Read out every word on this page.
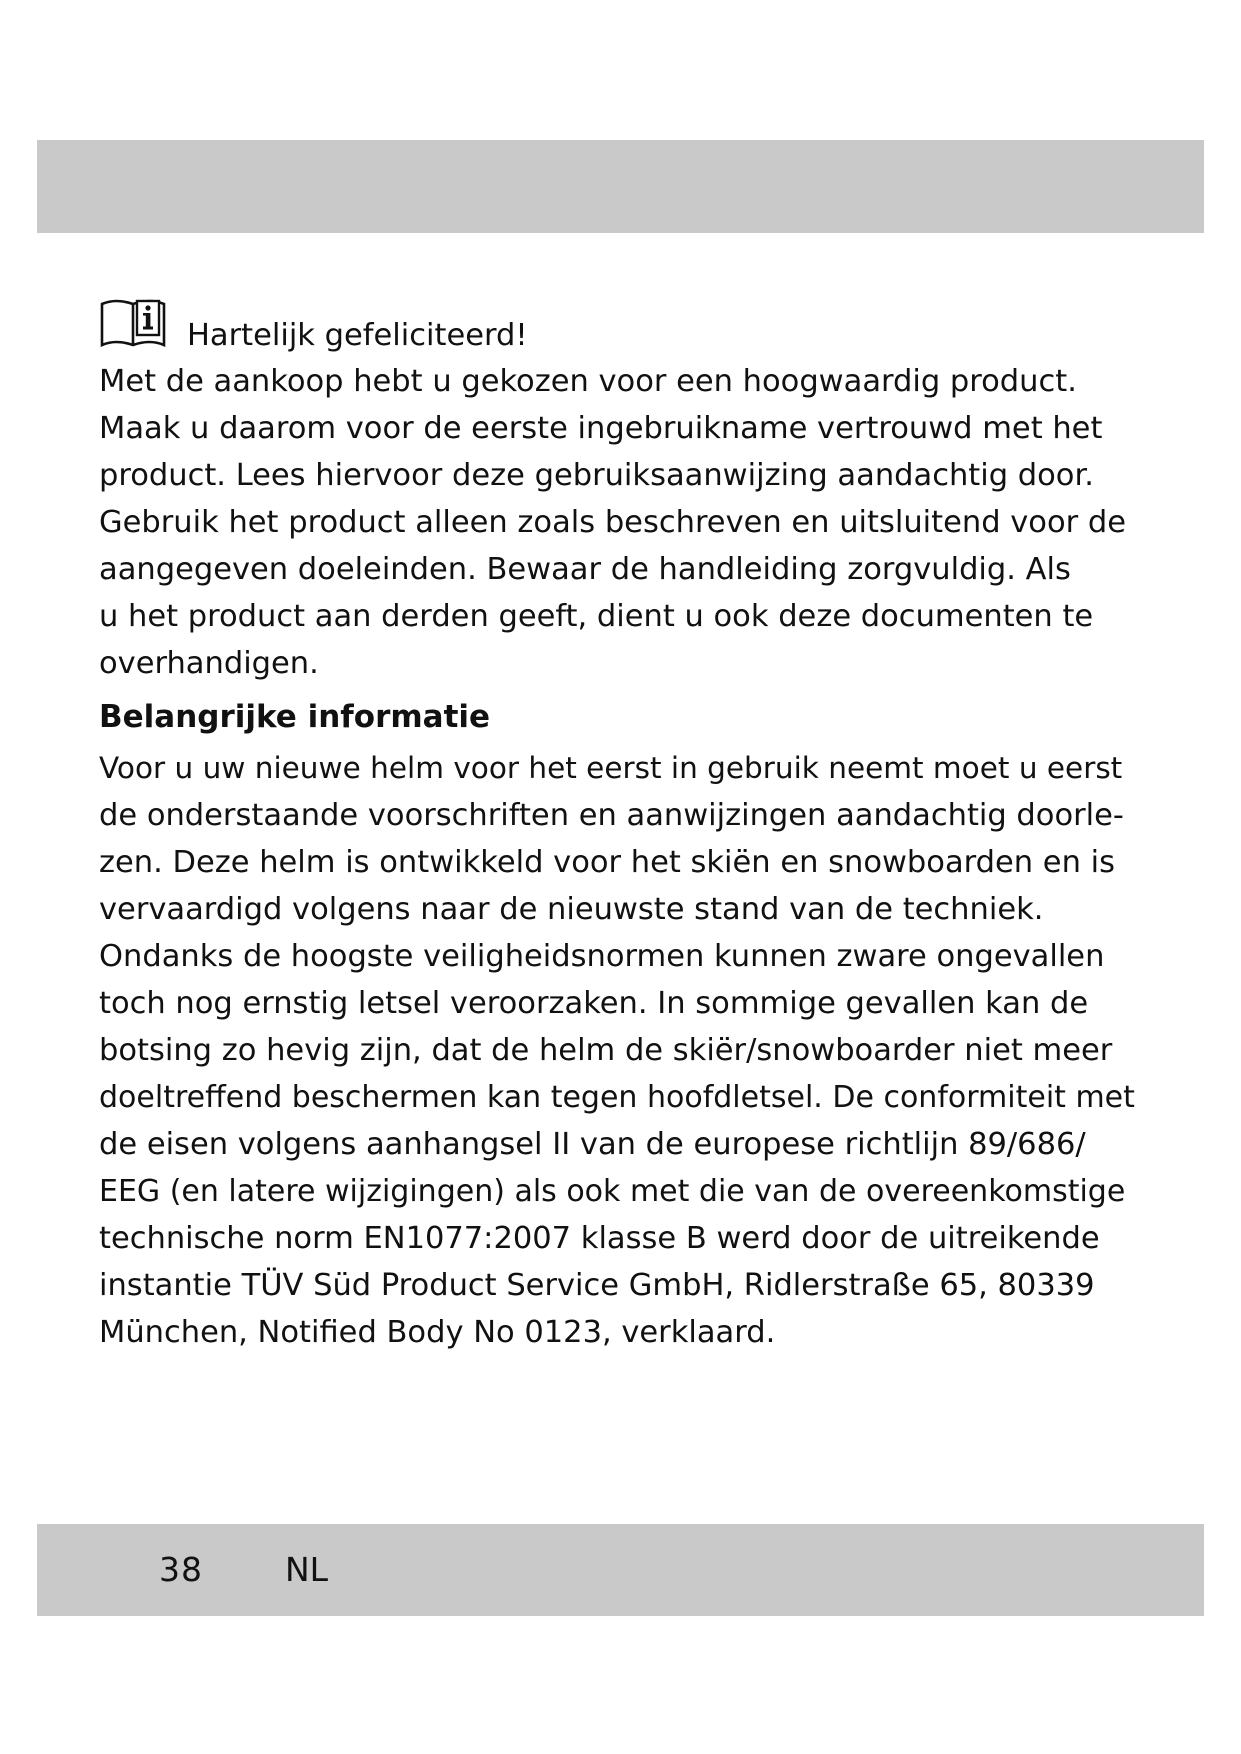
Hartelijk gefeliciteerd!
Met de aankoop hebt u gekozen voor een hoogwaardig product.
Maak u daarom voor de eerste ingebruikname vertrouwd met het
product. Lees hiervoor deze gebruiksaanwijzing aandachtig door.
Gebruik het product alleen zoals beschreven en uitsluitend voor de
aangegeven doeleinden. Bewaar de handleiding zorgvuldig. Als
u het product aan derden geeft, dient u ook deze documenten te
overhandigen.
Belangrijke informatie
Voor u uw nieuwe helm voor het eerst in gebruik neemt moet u eerst
de onderstaande voorschriften en aanwijzingen aandachtig doorle-
zen. Deze helm is ontwikkeld voor het skiën en snowboarden en is
vervaardigd volgens naar de nieuwste stand van de techniek.
Ondanks de hoogste veiligheidsnormen kunnen zware ongevallen
toch nog ernstig letsel veroorzaken. In sommige gevallen kan de
botsing zo hevig zijn, dat de helm de skiër/snowboarder niet meer
doeltreffend beschermen kan tegen hoofdletsel. De conformiteit met
de eisen volgens aanhangsel II van de europese richtlijn 89/686/
EEG (en latere wijzigingen) als ook met die van de overeenkomstige
technische norm EN1077:2007 klasse B werd door de uitreikende
instantie TÜV Süd Product Service GmbH, Ridlerstraße 65, 80339
München, Notified Body No 0123, verklaard.
38 NL
